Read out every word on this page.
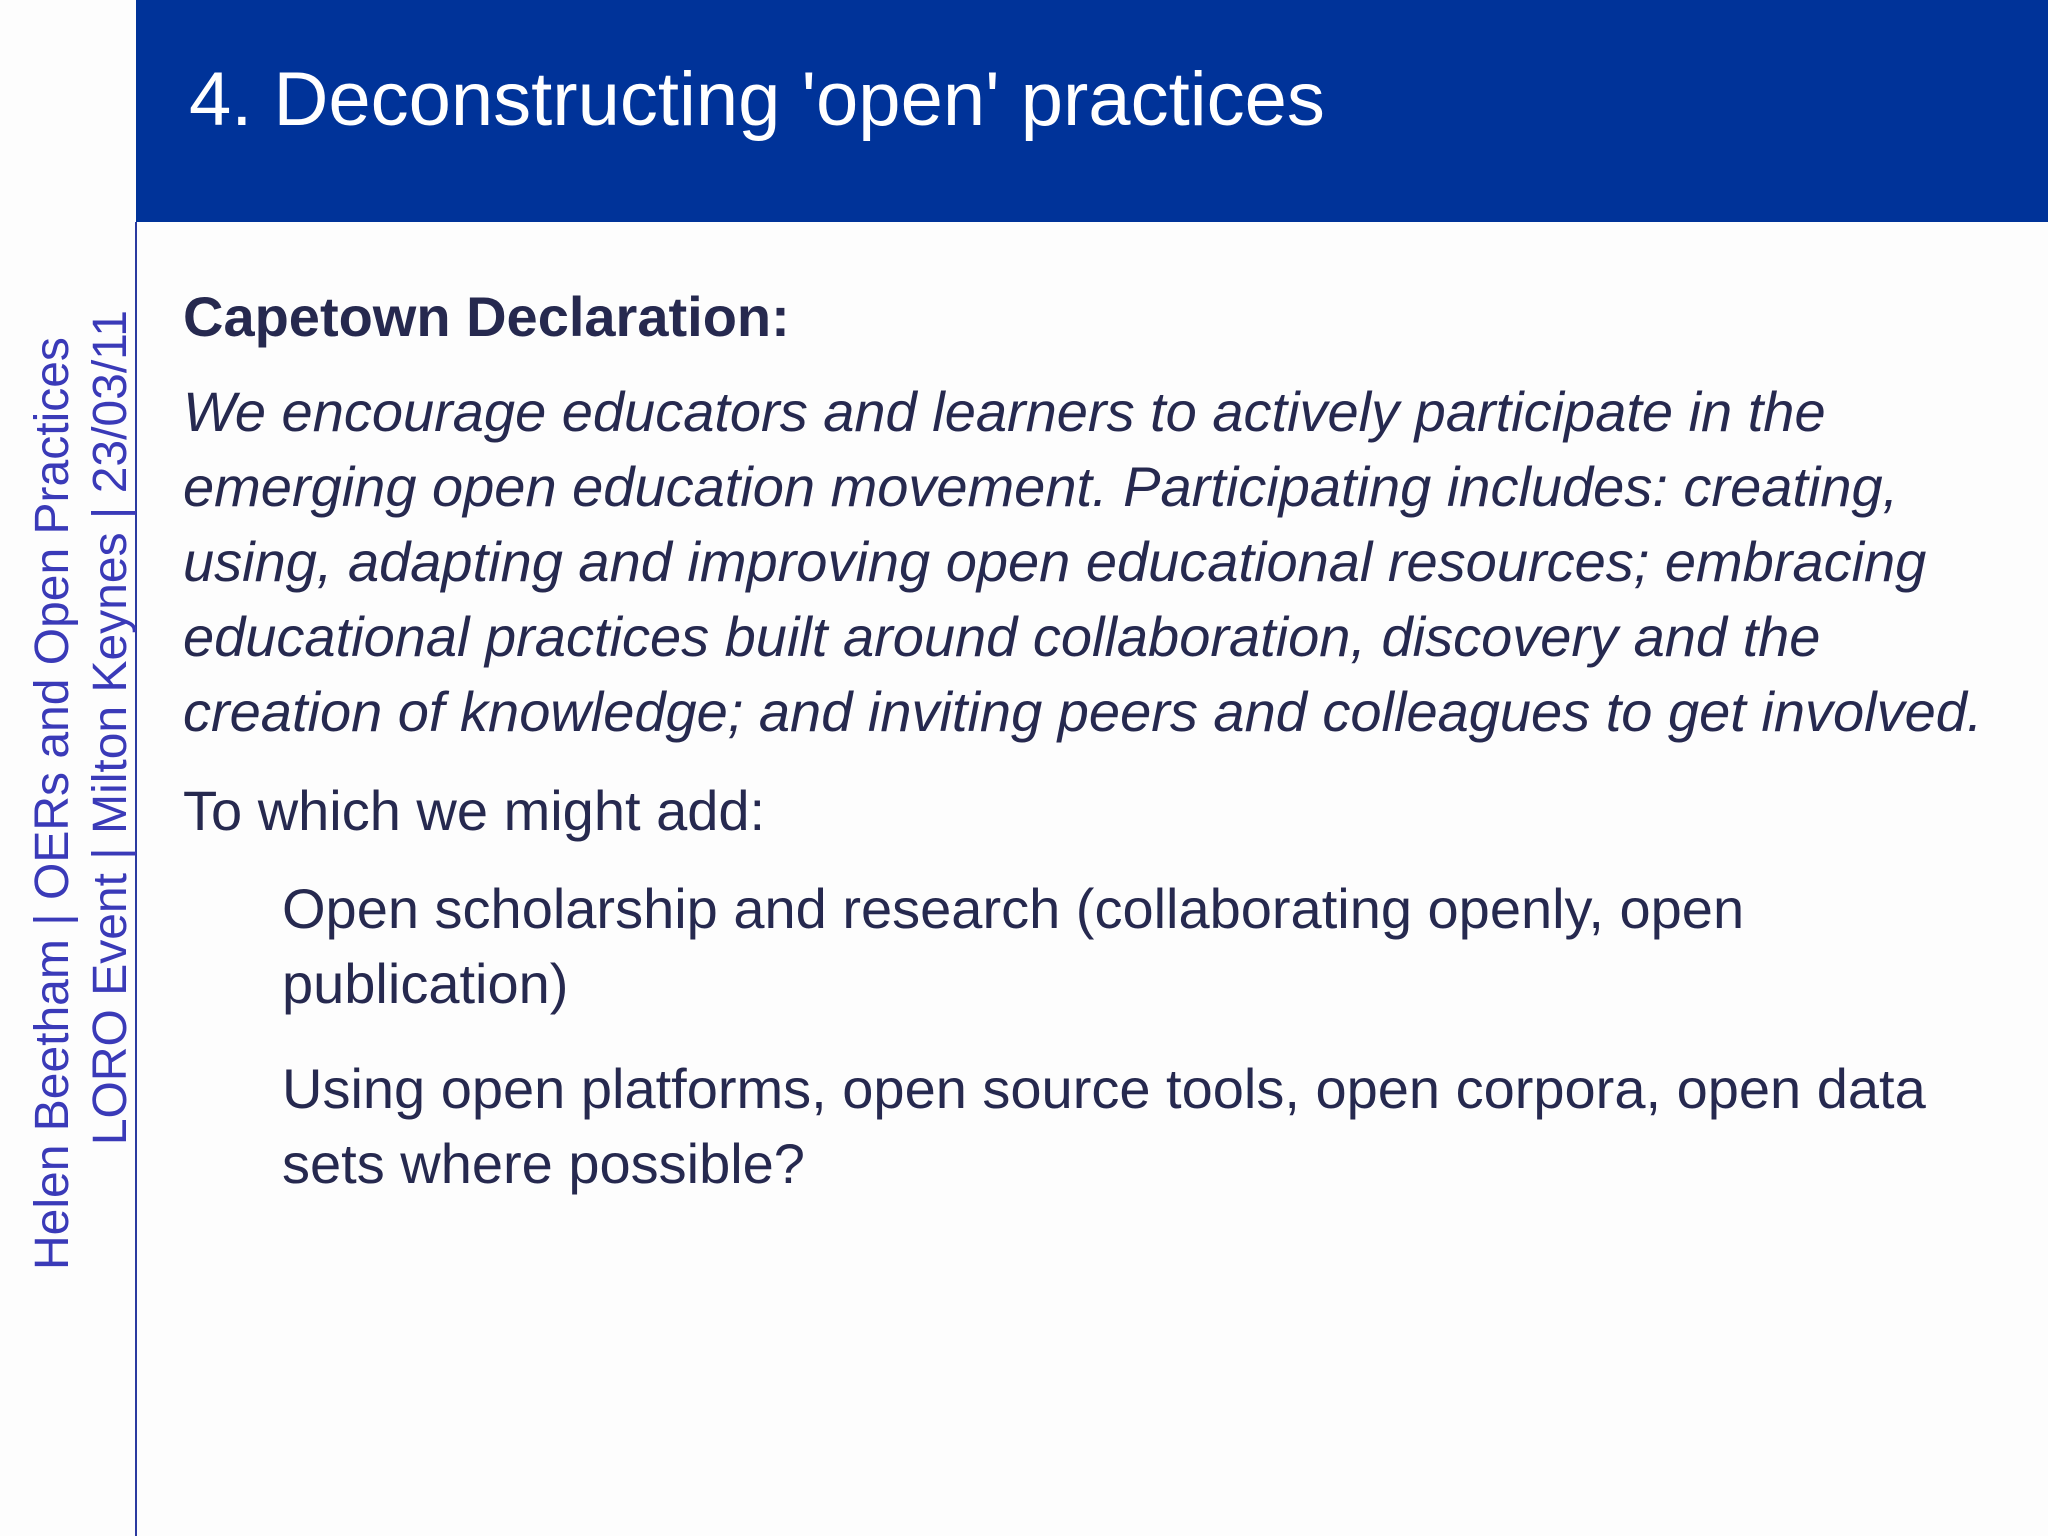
4. Deconstructing 'open' practices
Helen Beetham | OERs and Open Practices LORO Event | Milton Keynes | 23/03/11 Capetown Declaration:

We encourage educators and learners to actively participate in the emerging open education movement. Participating includes: creating, using, adapting and improving open educational resources; embracing educational practices built around collaboration, discovery and the creation of knowledge; and inviting peers and colleagues to get involved.

To which we might add:

Open scholarship and research (collaborating openly, open publication)
Using open platforms, open source tools, open corpora, open data sets where possible?
